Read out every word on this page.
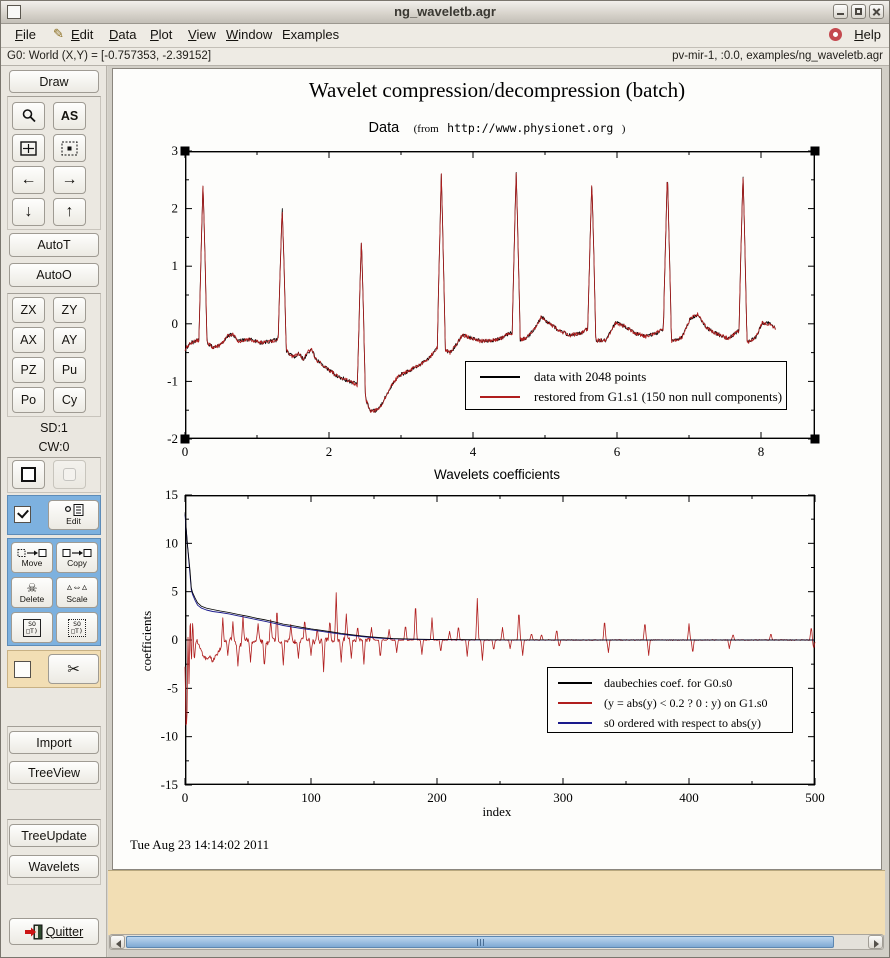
ng_waveletb.agr
File ✎ Edit Data Plot View Window Examples	Help
G0: World (X,Y) = [-0.757353, -2.39152]	pv-mir-1, :0.0, examples/ng_waveletb.agr
Draw
AS
← →
↓ ↑
AutoT
AutoO
ZX ZY
AX AY
PZ Pu
Po Cy
SD:1
CW:0
Edit
Move	Copy
☠
Delete
▵⇔▵
Scale
SO
□T)
SO
□T)
✂
Import
TreeView
TreeUpdate
Wavelets
Quitter
Wavelet compression/decompression (batch)
Data (from http://www.physionet.org )
0	2	4	6	8
3
2
1
0
-1
-2
data with 2048 points
restored from G1.s1 (150 non null components)
Wavelets coefficients
0	100	200	300	400	500
15
10
5
0
-5
-10
-15
daubechies coef. for G0.s0
(y = abs(y) < 0.2 ? 0 : y) on G1.s0
s0 ordered with respect to abs(y)
coefficients
index
Tue Aug 23 14:14:02 2011
